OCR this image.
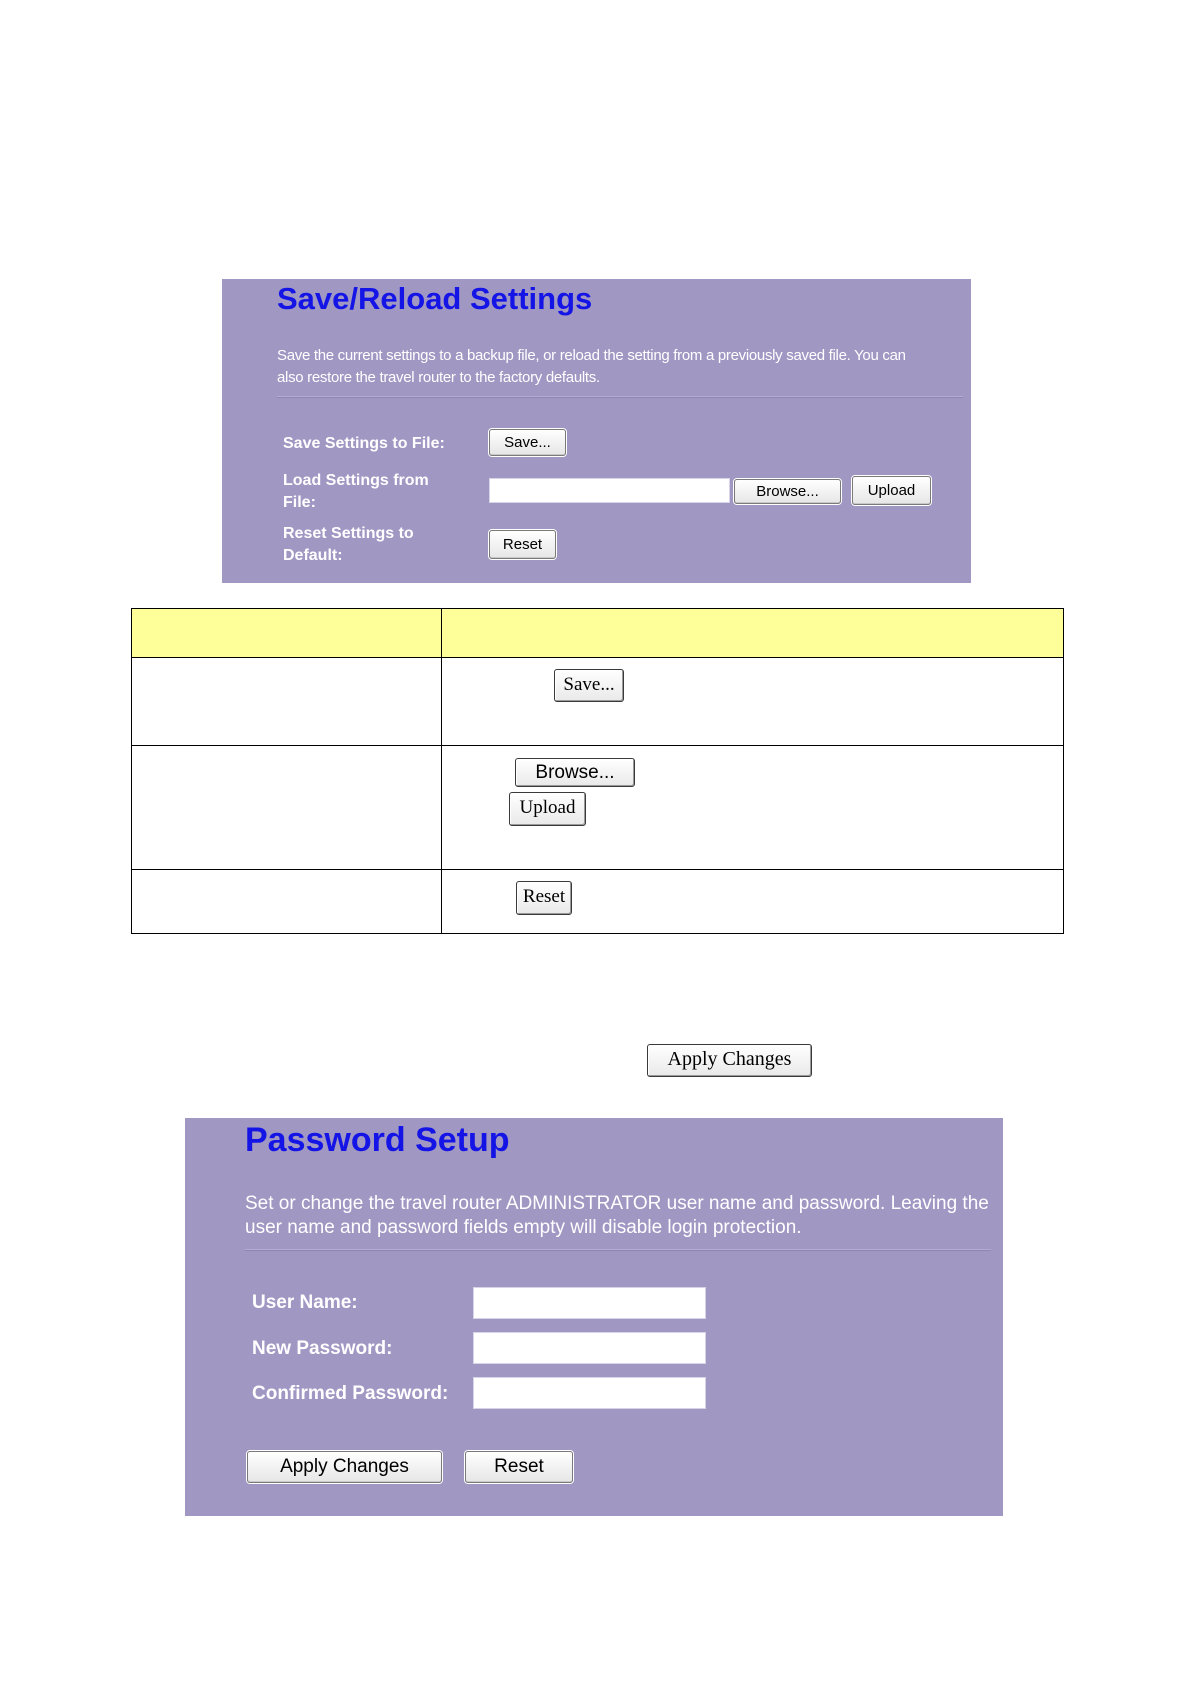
Save/Reload Settings

Save the current settings to a backup file, or reload the setting from a previously saved file. You can also restore the travel router to the factory defaults.

Save Settings to File:	Save...
Load Settings from File:
Browse...	Upload
Reset Settings to Default:
Reset

	Save...

	Browse...
Upload

	Reset
Apply Changes
Password Setup

Set or change the travel router ADMINISTRATOR user name and password. Leaving the user name and password fields empty will disable login protection.

User Name:
New Password:
Confirmed Password:
Apply Changes	Reset
